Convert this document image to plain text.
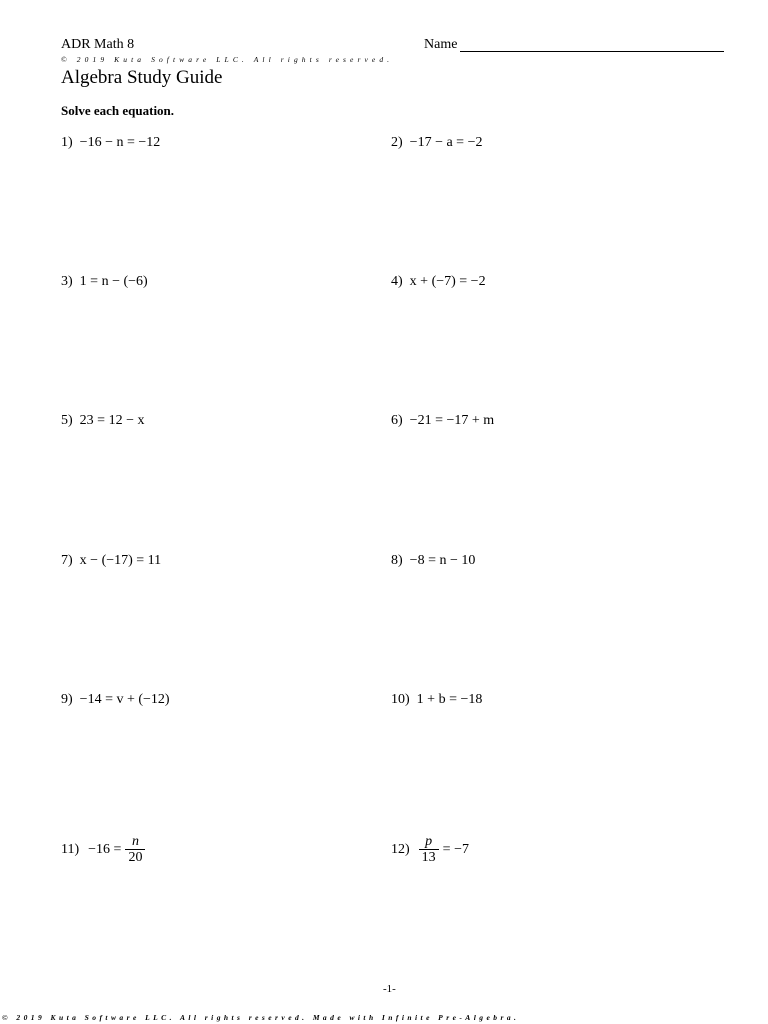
ADR Math 8	Name
© 2019 Kuta Software LLC. All rights reserved.
Algebra Study Guide
Solve each equation.
1) −16 − n = −12	2) −17 − a = −2
3) 1 = n − (−6)	4) x + (−7) = −2
5) 23 = 12 − x	6) −21 = −17 + m
7) x − (−17) = 11	8) −8 = n − 10
9) −14 = v + (−12)	10) 1 + b = −18
$11) -16 = \frac{n}{20}$	$12) \frac{p}{13} = -7$
-1-
© 2019 Kuta Software LLC. All rights reserved. Made with Infinite Pre-Algebra.
